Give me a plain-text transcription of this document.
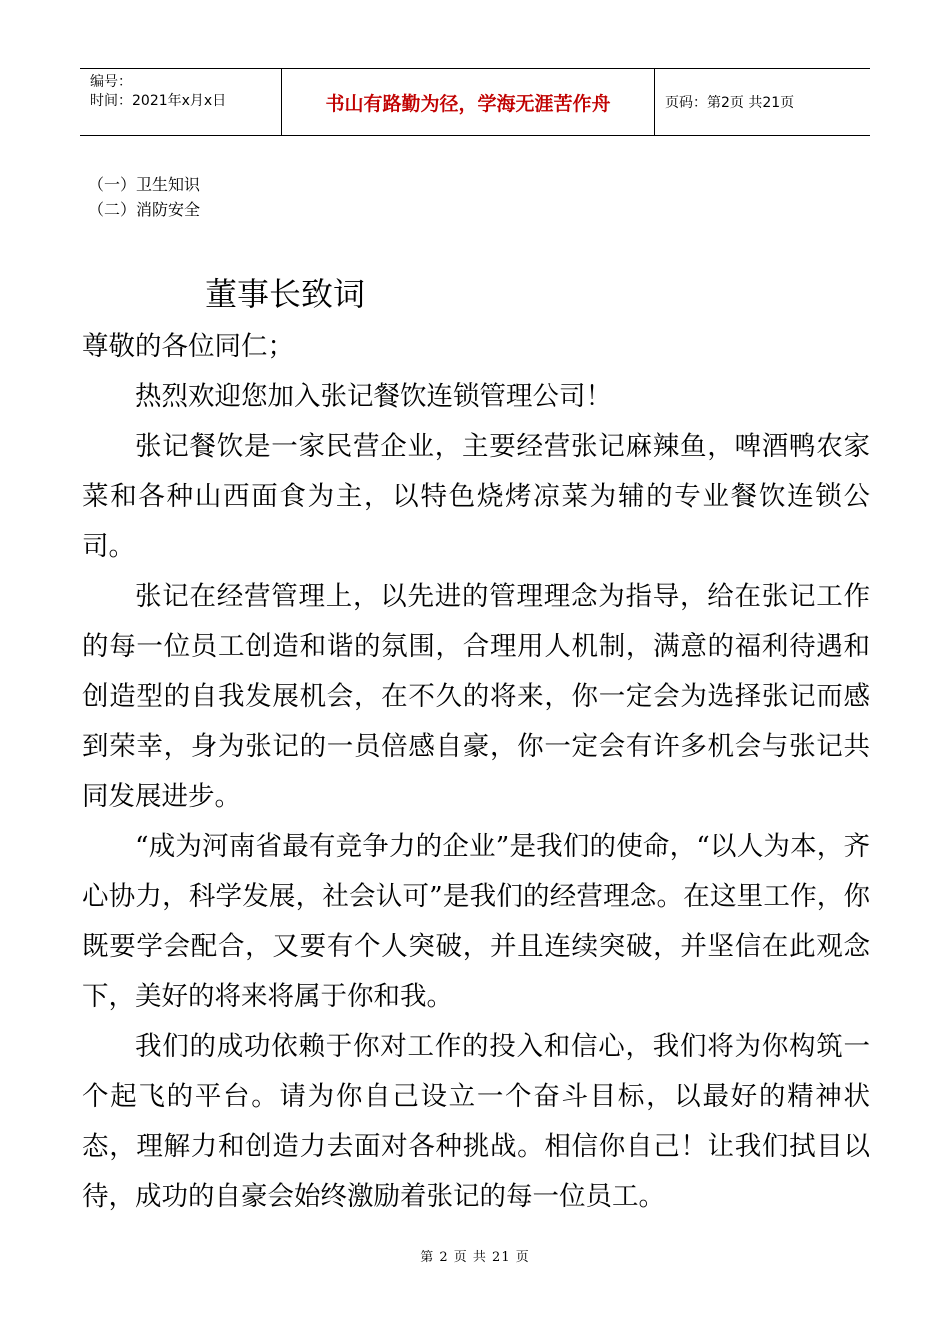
编号：
时间：2021年x月x日	书山有路勤为径，学海无涯苦作舟	页码：第2页 共21页
（一）卫生知识
（二）消防安全
董事长致词

尊敬的各位同仁；

热烈欢迎您加入张记餐饮连锁管理公司！

张记餐饮是一家民营企业，主要经营张记麻辣鱼，啤酒鸭农家菜和各种山西面食为主，以特色烧烤凉菜为辅的专业餐饮连锁公司。

张记在经营管理上，以先进的管理理念为指导，给在张记工作的每一位员工创造和谐的氛围，合理用人机制，满意的福利待遇和创造型的自我发展机会，在不久的将来，你一定会为选择张记而感到荣幸，身为张记的一员倍感自豪，你一定会有许多机会与张记共同发展进步。

“成为河南省最有竞争力的企业”是我们的使命，“以人为本，齐心协力，科学发展，社会认可”是我们的经营理念。在这里工作，你既要学会配合，又要有个人突破，并且连续突破，并坚信在此观念下，美好的将来将属于你和我。

我们的成功依赖于你对工作的投入和信心，我们将为你构筑一个起飞的平台。请为你自己设立一个奋斗目标，以最好的精神状态，理解力和创造力去面对各种挑战。相信你自己！让我们拭目以待，成功的自豪会始终激励着张记的每一位员工。

第 2 页 共 21 页
